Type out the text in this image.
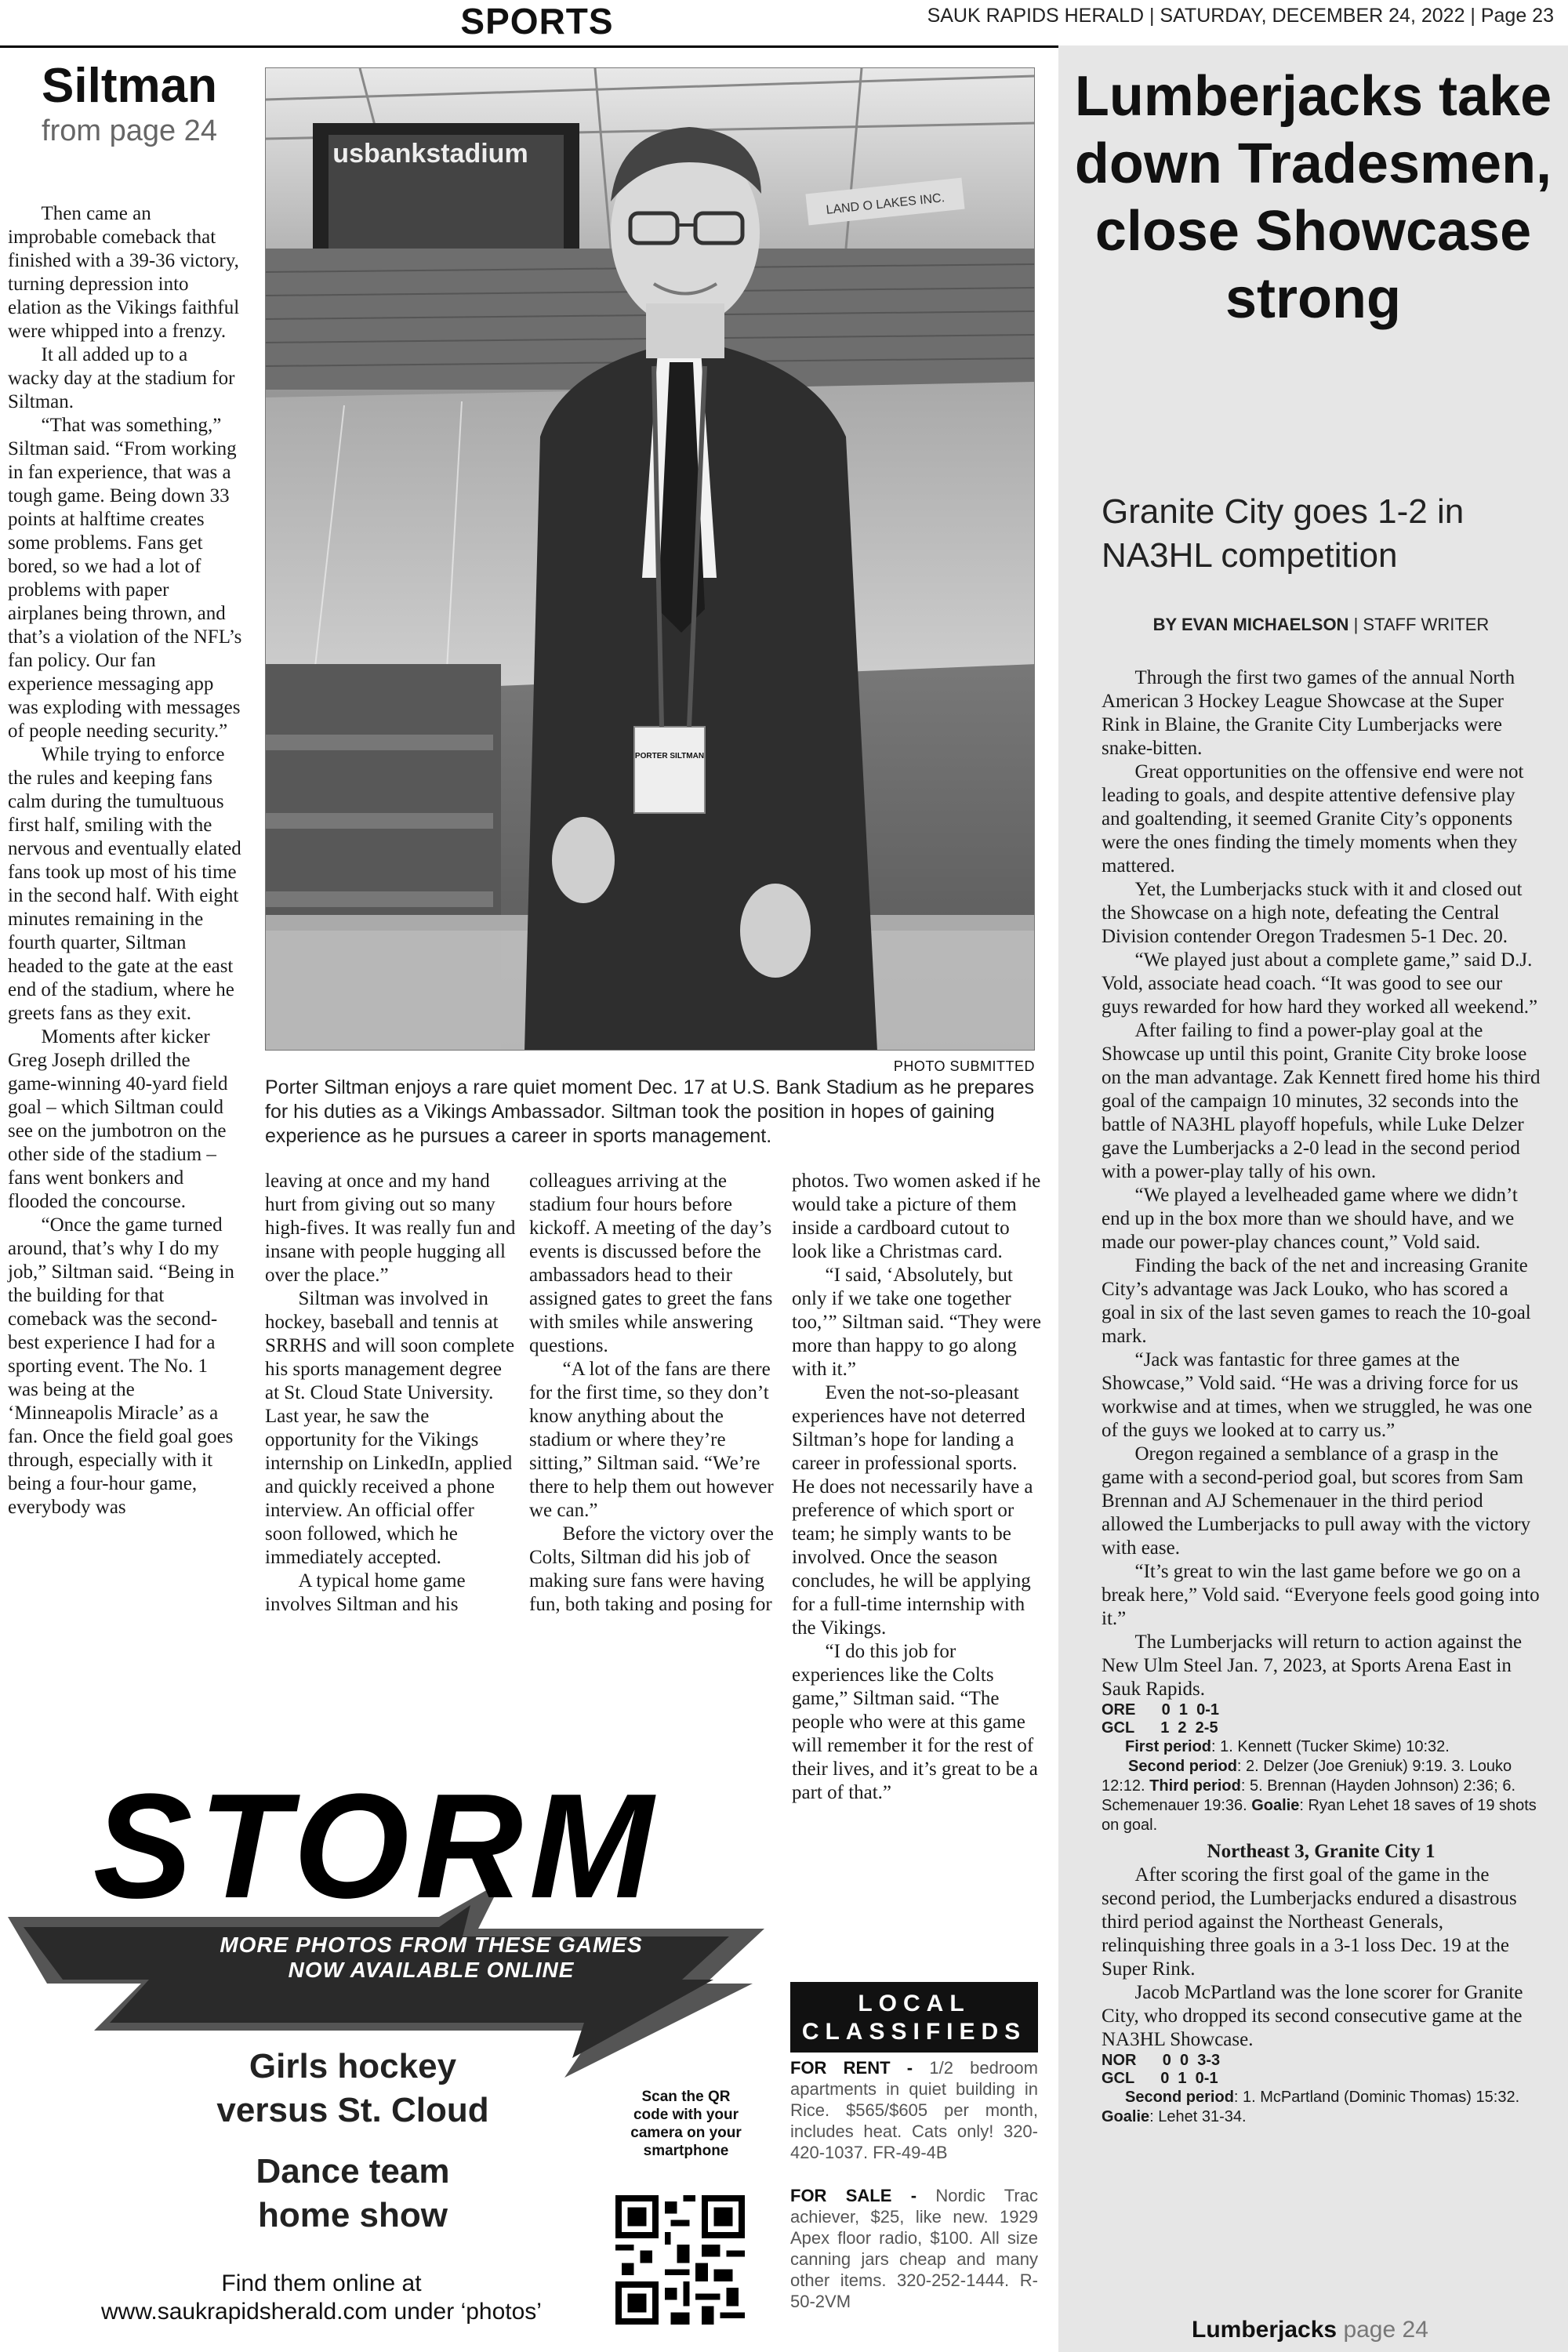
SPORTS	SAUK RAPIDS HERALD | SATURDAY, DECEMBER 24, 2022 | Page 23
Siltman
from page 24
usbankstadium
LAND O LAKES INC.
PORTER SILTMAN
PHOTO SUBMITTED
Porter Siltman enjoys a rare quiet moment Dec. 17 at U.S. Bank Stadium as he prepares for his duties as a Vikings Ambassador. Siltman took the position in hopes of gaining experience as he pursues a career in sports management.

Then came an improbable comeback that finished with a 39-36 victory, turning depression into elation as the Vikings faithful were whipped into a frenzy.

It all added up to a wacky day at the stadium for Siltman.

“That was something,” Siltman said. “From working in fan experience, that was a tough game. Being down 33 points at halftime creates some problems. Fans get bored, so we had a lot of problems with paper airplanes being thrown, and that’s a violation of the NFL’s fan policy. Our fan experience messaging app was exploding with messages of people needing security.”

While trying to enforce the rules and keeping fans calm during the tumultuous first half, smiling with the nervous and eventually elated fans took up most of his time in the second half. With eight minutes remaining in the fourth quarter, Siltman headed to the gate at the east end of the stadium, where he greets fans as they exit.

Moments after kicker Greg Joseph drilled the game-winning 40-yard field goal – which Siltman could see on the jumbotron on the other side of the stadium – fans went bonkers and flooded the concourse.

“Once the game turned around, that’s why I do my job,” Siltman said. “Being in the building for that comeback was the second-best experience I had for a sporting event. The No. 1 was being at the ‘Minneapolis Miracle’ as a fan. Once the field goal goes through, especially with it being a four-hour game, everybody was

leaving at once and my hand hurt from giving out so many high-fives. It was really fun and insane with people hugging all over the place.”

Siltman was involved in hockey, baseball and tennis at SRRHS and will soon complete his sports management degree at St. Cloud State University. Last year, he saw the opportunity for the Vikings internship on LinkedIn, applied and quickly received a phone interview. An official offer soon followed, which he immediately accepted.

A typical home game involves Siltman and his

colleagues arriving at the stadium four hours before kickoff. A meeting of the day’s events is discussed before the ambassadors head to their assigned gates to greet the fans with smiles while answering questions.

“A lot of the fans are there for the first time, so they don’t know anything about the stadium or where they’re sitting,” Siltman said. “We’re there to help them out however we can.”

Before the victory over the Colts, Siltman did his job of making sure fans were having fun, both taking and posing for

photos. Two women asked if he would take a picture of them inside a cardboard cutout to look like a Christmas card.

“I said, ‘Absolutely, but only if we take one together too,’” Siltman said. “They were more than happy to go along with it.”

Even the not-so-pleasant experiences have not deterred Siltman’s hope for landing a career in professional sports. He does not necessarily have a preference of which sport or team; he simply wants to be involved. Once the season concludes, he will be applying for a full-time internship with the Vikings.

“I do this job for experiences like the Colts game,” Siltman said. “The people who were at this game will remember it for the rest of their lives, and it’s great to be a part of that.”

Lumberjacks take down Tradesmen, close Showcase strong
Granite City goes 1-2 in NA3HL competition
BY EVAN MICHAELSON | STAFF WRITER

Through the first two games of the annual North American 3 Hockey League Showcase at the Super Rink in Blaine, the Granite City Lumberjacks were snake-bitten.

Great opportunities on the offensive end were not leading to goals, and despite attentive defensive play and goaltending, it seemed Granite City’s opponents were the ones finding the timely moments when they mattered.

Yet, the Lumberjacks stuck with it and closed out the Showcase on a high note, defeating the Central Division contender Oregon Tradesmen 5-1 Dec. 20.

“We played just about a complete game,” said D.J. Vold, associate head coach. “It was good to see our guys rewarded for how hard they worked all weekend.”

After failing to find a power-play goal at the Showcase up until this point, Granite City broke loose on the man advantage. Zak Kennett fired home his third goal of the campaign 10 minutes, 32 seconds into the battle of NA3HL playoff hopefuls, while Luke Delzer gave the Lumberjacks a 2-0 lead in the second period with a power-play tally of his own.

“We played a levelheaded game where we didn’t end up in the box more than we should have, and we made our power-play chances count,” Vold said.

Finding the back of the net and increasing Granite City’s advantage was Jack Louko, who has scored a goal in six of the last seven games to reach the 10-goal mark.

“Jack was fantastic for three games at the Showcase,” Vold said. “He was a driving force for us workwise and at times, when we struggled, he was one of the guys we looked at to carry us.”

Oregon regained a semblance of a grasp in the game with a second-period goal, but scores from Sam Brennan and AJ Schemenauer in the third period allowed the Lumberjacks to pull away with the victory with ease.

“It’s great to win the last game before we go on a break here,” Vold said. “Everyone feels good going into it.”

The Lumberjacks will return to action against the New Ulm Steel Jan. 7, 2023, at Sports Arena East in Sauk Rapids.

ORE      0  1  0-1
GCL      1  2  2-5

First period: 1. Kennett (Tucker Skime) 10:32.

Second period: 2. Delzer (Joe Greniuk) 9:19. 3. Louko 12:12. Third period: 5. Brennan (Hayden Johnson) 2:36; 6. Schemenauer 19:36. Goalie: Ryan Lehet 18 saves of 19 shots on goal.

Northeast 3, Granite City 1

After scoring the first goal of the game in the second period, the Lumberjacks endured a disastrous third period against the Northeast Generals, relinquishing three goals in a 3-1 loss Dec. 19 at the Super Rink.

Jacob McPartland was the lone scorer for Granite City, who dropped its second consecutive game at the NA3HL Showcase.

NOR      0  0  3-3
GCL      0  1  0-1

Second period: 1. McPartland (Dominic Thomas) 15:32. Goalie: Lehet 31-34.

Lumberjacks page 24
STORM
MORE PHOTOS FROM THESE GAMES
NOW AVAILABLE ONLINE
Girls hockey
versus St. Cloud
Dance team
home show
Find them online at
www.saukrapidsherald.com under ‘photos’
Scan the QR code with your camera on your smartphone
LOCAL
CLASSIFIEDS

FOR RENT - 1/2 bedroom apartments in quiet building in Rice. $565/$605 per month, includes heat. Cats only! 320-420-1037. FR-49-4B

FOR SALE - Nordic Trac achiever, $25, like new. 1929 Apex floor radio, $100. All size canning jars cheap and many other items. 320-252-1444. R-50-2VM
